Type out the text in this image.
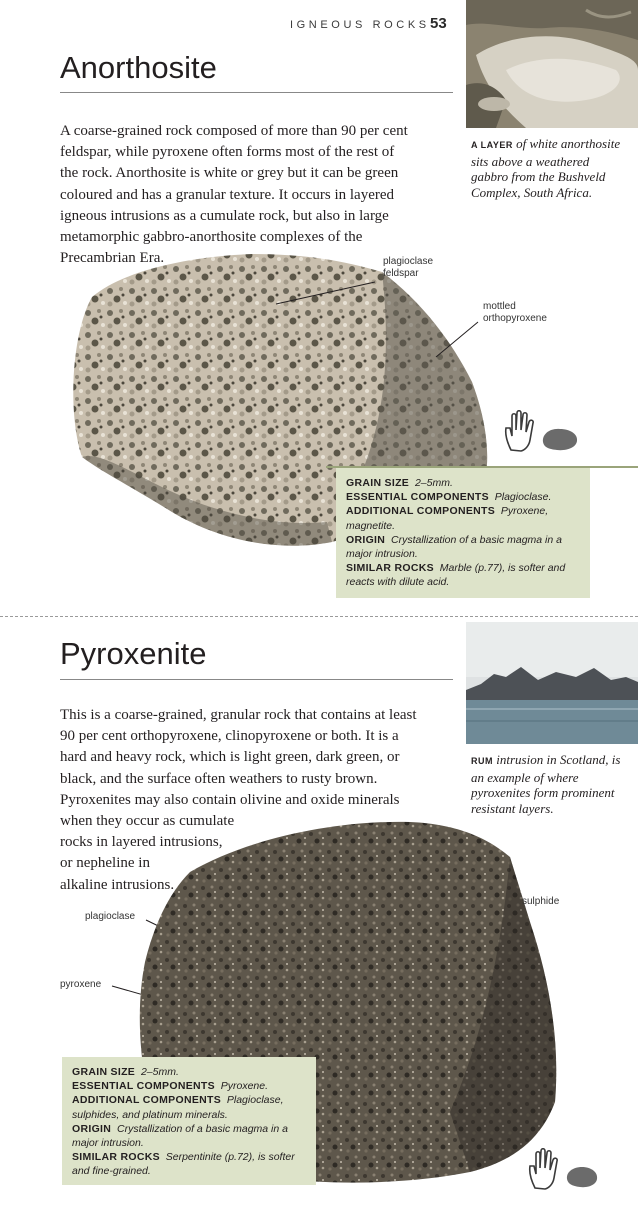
IGNEOUS ROCKS 53
Anorthosite
A coarse-grained rock composed of more than 90 per cent
feldspar, while pyroxene often forms most of the rest of
the rock. Anorthosite is white or grey but it can be green
coloured and has a granular texture. It occurs in layered
igneous intrusions as a cumulate rock, but also in large
metamorphic gabbro-anorthosite complexes of the
Precambrian Era.
A LAYER of white anorthosite sits above a weathered gabbro from the Bushveld Complex, South Africa.
plagioclase
feldspar
mottled
orthopyroxene

GRAIN SIZE 2–5mm.

ESSENTIAL COMPONENTS Plagioclase.

ADDITIONAL COMPONENTS Pyroxene, magnetite.

ORIGIN Crystallization of a basic magma in a major intrusion.

SIMILAR ROCKS Marble (p.77), is softer and reacts with dilute acid.

Pyroxenite
This is a coarse-grained, granular rock that contains at least
90 per cent orthopyroxene, clinopyroxene or both. It is a
hard and heavy rock, which is light green, dark green, or
black, and the surface often weathers to rusty brown.
Pyroxenites may also contain olivine and oxide minerals
when they occur as cumulate
rocks in layered intrusions,
or nepheline in
alkaline intrusions.
RUM intrusion in Scotland, is an example of where pyroxenites form prominent resistant layers.
sulphide
plagioclase
pyroxene

GRAIN SIZE 2–5mm.

ESSENTIAL COMPONENTS Pyroxene.

ADDITIONAL COMPONENTS Plagioclase, sulphides, and platinum minerals.

ORIGIN Crystallization of a basic magma in a major intrusion.

SIMILAR ROCKS Serpentinite (p.72), is softer and fine-grained.
